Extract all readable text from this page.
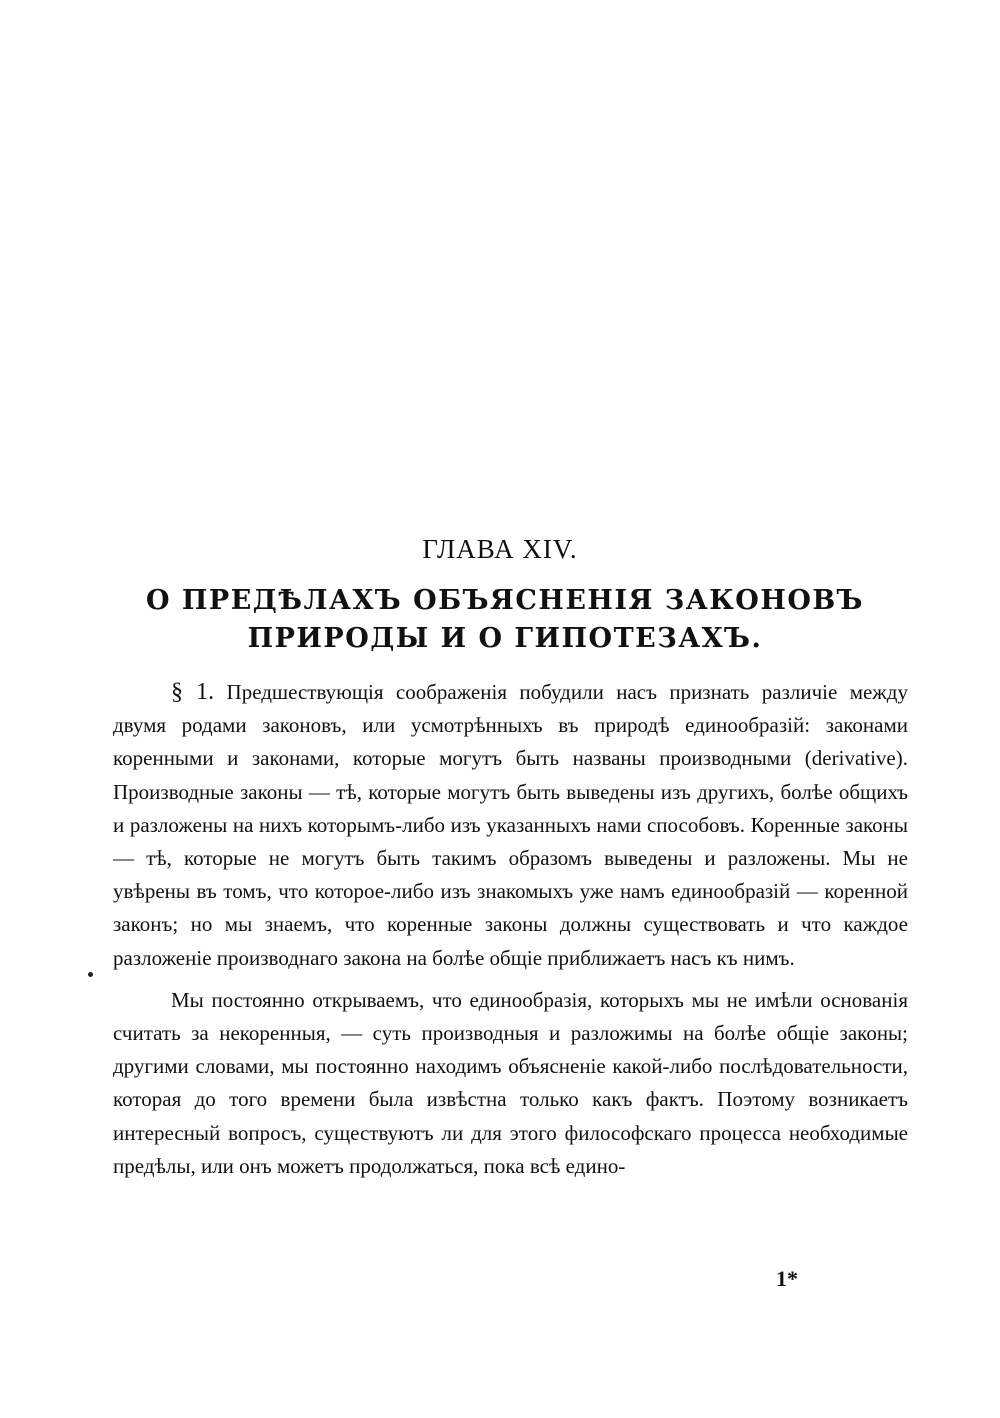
ГЛАВА XIV.
О ПРЕДѢЛАХЪ ОБЪЯСНЕНІЯ ЗАКОНОВЪ
ПРИРОДЫ И О ГИПОТЕЗАХЪ.

§ 1. Предшествующія соображенія побудили насъ признать различіе между двумя родами законовъ, или усмотрѣнныхъ въ природѣ единообразій: законами коренными и законами, которые могутъ быть названы производными (derivative). Производные законы — тѣ, которые могутъ быть выведены изъ другихъ, болѣе общихъ и разложены на нихъ которымъ-либо изъ указанныхъ нами способовъ. Коренные законы — тѣ, которые не могутъ быть такимъ образомъ выведены и разложены. Мы не увѣрены въ томъ, что которое-либо изъ знакомыхъ уже намъ единообразій — коренной законъ; но мы знаемъ, что коренные законы должны существовать и что каждое разложеніе производнаго закона на болѣе общіе приближаетъ насъ къ нимъ.

Мы постоянно открываемъ, что единообразія, которыхъ мы не имѣли основанія считать за некоренныя, — суть производныя и разложимы на болѣе общіе законы; другими словами, мы постоянно находимъ объясненіе какой-либо послѣдовательности, которая до того времени была извѣстна только какъ фактъ. Поэтому возникаетъ интересный вопросъ, существуютъ ли для этого философскаго процесса необходимые предѣлы, или онъ можетъ продолжаться, пока всѣ едино-

1*
